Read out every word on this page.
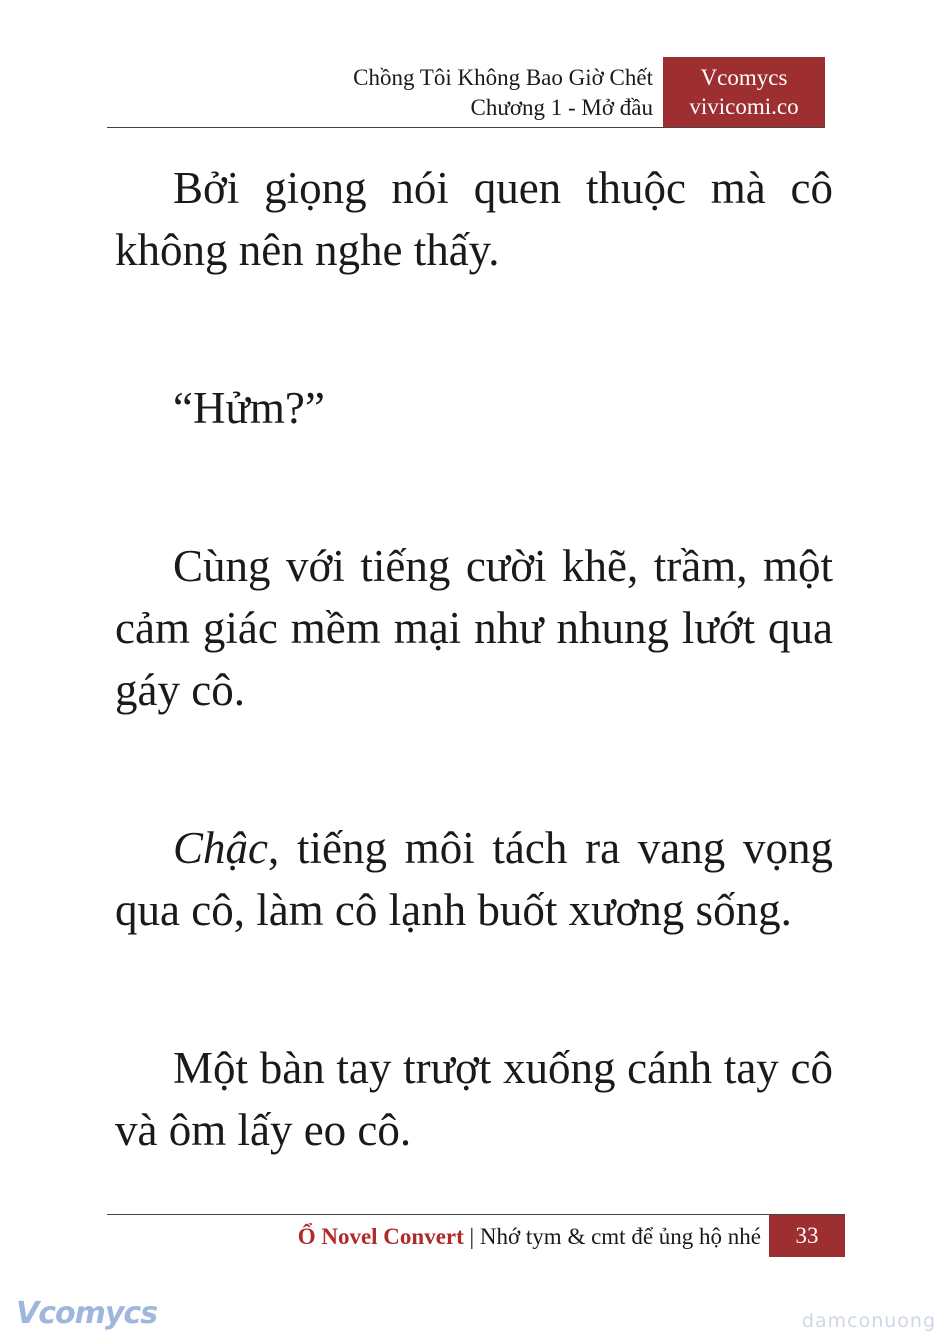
Chồng Tôi Không Bao Giờ Chết
Chương 1 - Mở đầu
Vcomycs
vivicomi.co

Bởi giọng nói quen thuộc mà cô không nên nghe thấy.

“Hửm?”

Cùng với tiếng cười khẽ, trầm, một cảm giác mềm mại như nhung lướt qua gáy cô.

Chậc, tiếng môi tách ra vang vọng qua cô, làm cô lạnh buốt xương sống.

Một bàn tay trượt xuống cánh tay cô và ôm lấy eo cô.

Ổ Novel Convert | Nhớ tym & cmt để ủng hộ nhé	33
Vcomycs	damconuong
